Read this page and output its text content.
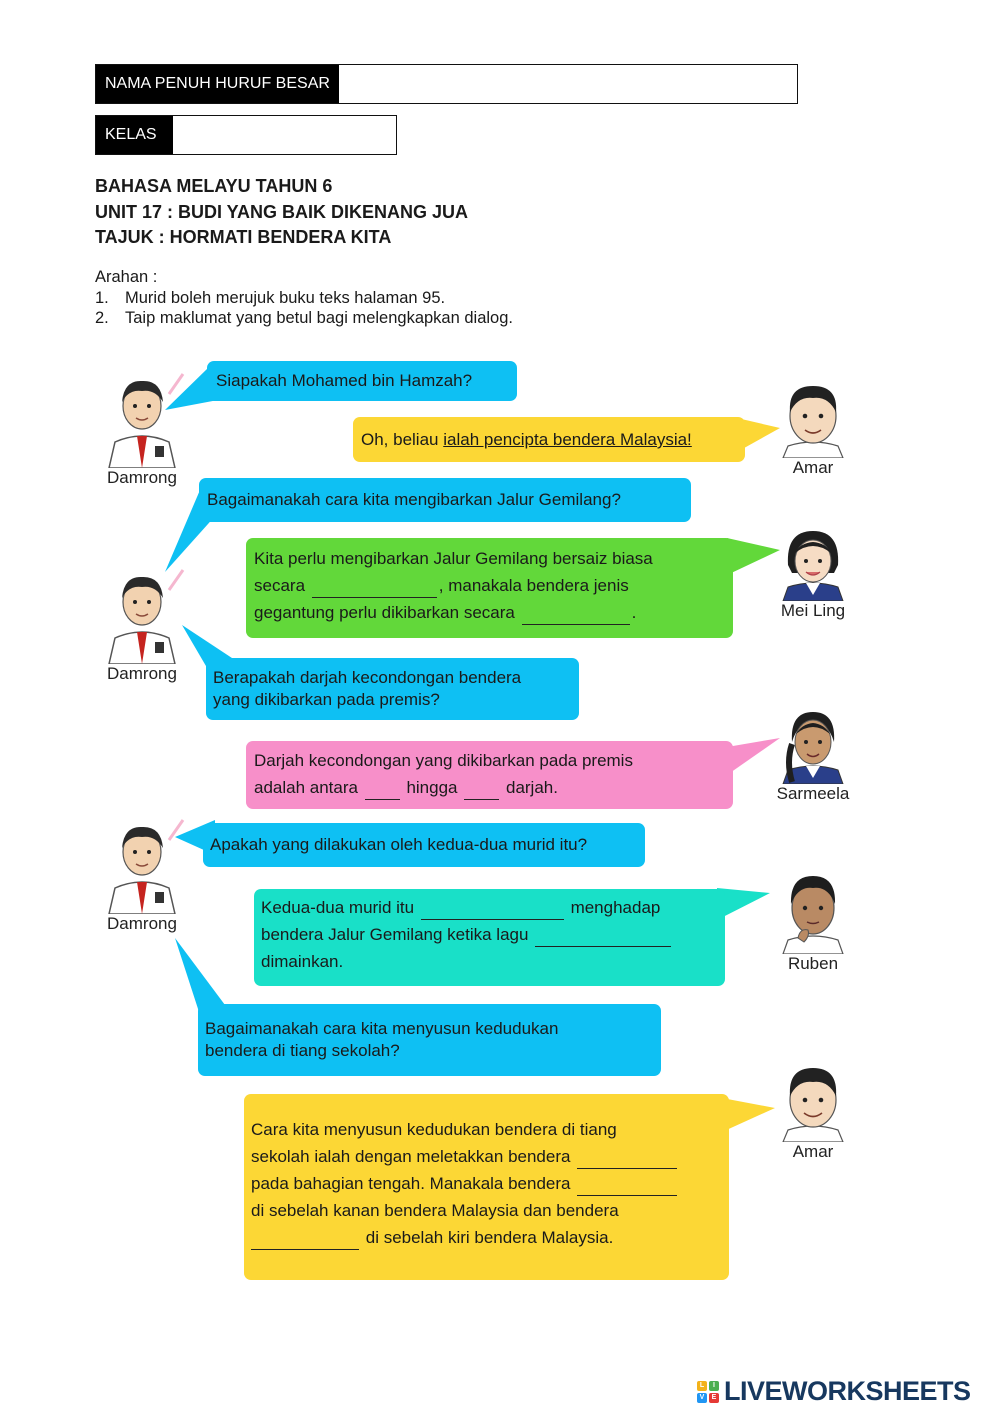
NAMA PENUH HURUF BESAR
KELAS
BAHASA MELAYU TAHUN 6
UNIT 17 : BUDI YANG BAIK DIKENANG JUA
TAJUK : HORMATI BENDERA KITA
Arahan :
1. Murid boleh merujuk buku teks halaman 95.
2. Taip maklumat yang betul bagi melengkapkan dialog.
Siapakah Mohamed bin Hamzah?
Oh, beliau ialah pencipta bendera Malaysia!
Bagaimanakah cara kita mengibarkan Jalur Gemilang?
Kita perlu mengibarkan Jalur Gemilang bersaiz biasa
secara	, manakala bendera jenis
gegantung perlu dikibarkan secara	.
Berapakah darjah kecondongan bendera
yang dikibarkan pada premis?
Darjah kecondongan yang dikibarkan pada premis
adalah antara	hingga	darjah.
Apakah yang dilakukan oleh kedua-dua murid itu?
Kedua-dua murid itu	menghadap
bendera Jalur Gemilang ketika lagu
dimainkan.
Bagaimanakah cara kita menyusun kedudukan
bendera di tiang sekolah?
Cara kita menyusun kedudukan bendera di tiang
sekolah ialah dengan meletakkan bendera
pada bahagian tengah. Manakala bendera
di sebelah kanan bendera Malaysia dan bendera
di sebelah kiri bendera Malaysia.
Damrong
Amar
Mei Ling
Damrong
Sarmeela
Damrong
Ruben
Amar
L	I
V	E LIVEWORKSHEETS
